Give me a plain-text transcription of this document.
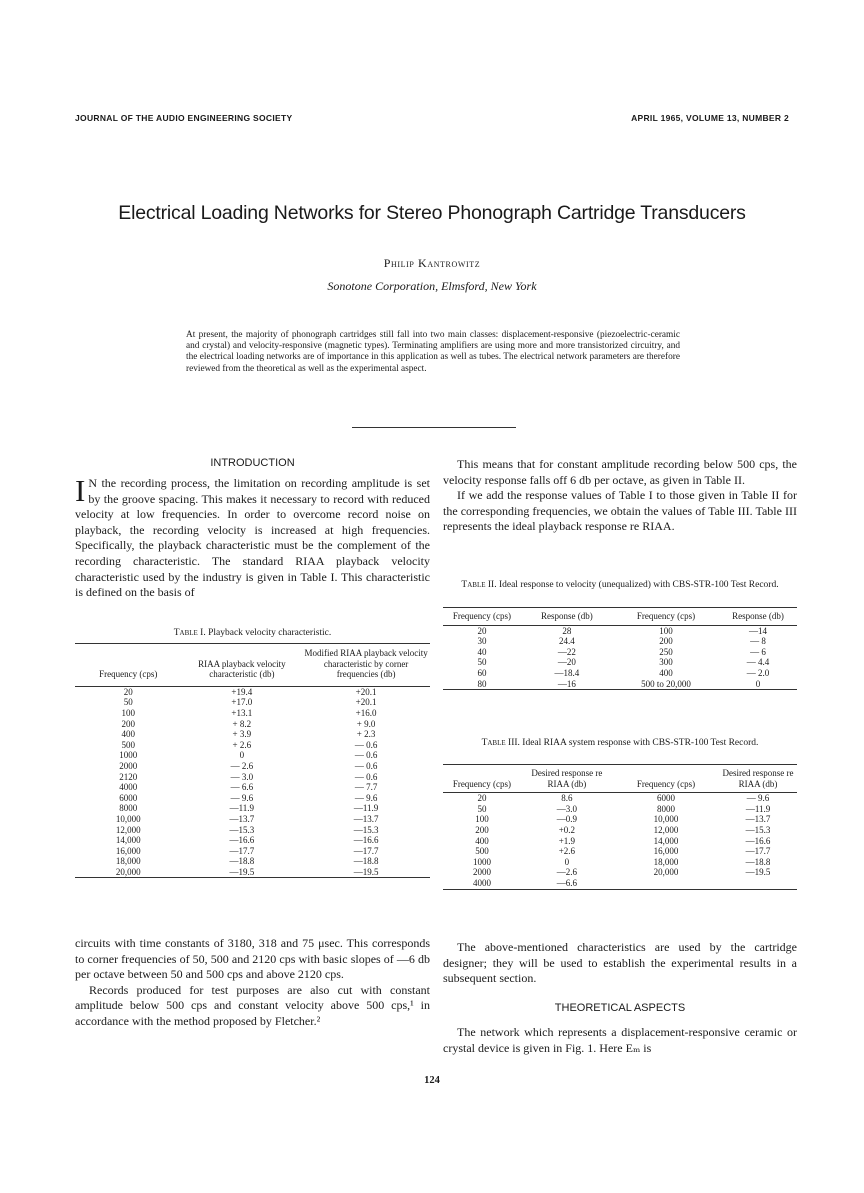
JOURNAL OF THE AUDIO ENGINEERING SOCIETY	APRIL 1965, VOLUME 13, NUMBER 2
Electrical Loading Networks for Stereo Phonograph Cartridge Transducers
Philip Kantrowitz
Sonotone Corporation, Elmsford, New York
At present, the majority of phonograph cartridges still fall into two main classes: displacement-responsive (piezoelectric-ceramic and crystal) and velocity-responsive (magnetic types). Terminating amplifiers are using more and more transistorized circuitry, and the electrical loading networks are of importance in this application as well as tubes. The electrical network parameters are therefore reviewed from the theoretical as well as the experimental aspect.
INTRODUCTION
I N the recording process, the limitation on recording amplitude is set by the groove spacing. This makes it necessary to record with reduced velocity at low frequencies. In order to overcome record noise on playback, the recording velocity is increased at high frequencies. Specifically, the playback characteristic must be the complement of the recording characteristic. The standard RIAA playback velocity characteristic used by the industry is given in Table I. This characteristic is defined on the basis of
Table I. Playback velocity characteristic.
Frequency (cps)	RIAA playback velocity characteristic (db)	Modified RIAA playback velocity characteristic by corner frequencies (db)
20	+19.4	+20.1
50	+17.0	+20.1
100	+13.1	+16.0
200	+ 8.2	+ 9.0
400	+ 3.9	+ 2.3
500	+ 2.6	— 0.6
1000	0	— 0.6
2000	— 2.6	— 0.6
2120	— 3.0	— 0.6
4000	— 6.6	— 7.7
6000	— 9.6	— 9.6
8000	—11.9	—11.9
10,000	—13.7	—13.7
12,000	—15.3	—15.3
14,000	—16.6	—16.6
16,000	—17.7	—17.7
18,000	—18.8	—18.8
20,000	—19.5	—19.5

circuits with time constants of 3180, 318 and 75 μsec. This corresponds to corner frequencies of 50, 500 and 2120 cps with basic slopes of —6 db per octave between 50 and 500 cps and above 2120 cps.

Records produced for test purposes are also cut with constant amplitude below 500 cps and constant velocity above 500 cps,¹ in accordance with the method proposed by Fletcher.²

This means that for constant amplitude recording below 500 cps, the velocity response falls off 6 db per octave, as given in Table II.

If we add the response values of Table I to those given in Table II for the corresponding frequencies, we obtain the values of Table III. Table III represents the ideal playback response re RIAA.

Table II. Ideal response to velocity (unequalized) with CBS-STR-100 Test Record.
Frequency (cps)	Response (db)	Frequency (cps)	Response (db)
20	28	100	—14
30	24.4	200	— 8
40	—22	250	— 6
50	—20	300	— 4.4
60	—18.4	400	— 2.0
80	—16	500 to 20,000	0
Table III. Ideal RIAA system response with CBS-STR-100 Test Record.
Frequency (cps)	Desired response re RIAA (db)	Frequency (cps)	Desired response re RIAA (db)
20	8.6	6000	— 9.6
50	—3.0	8000	—11.9
100	—0.9	10,000	—13.7
200	+0.2	12,000	—15.3
400	+1.9	14,000	—16.6
500	+2.6	16,000	—17.7
1000	0	18,000	—18.8
2000	—2.6	20,000	—19.5
4000	—6.6		

The above-mentioned characteristics are used by the cartridge designer; they will be used to establish the experimental results in a subsequent section.

THEORETICAL ASPECTS

The network which represents a displacement-responsive ceramic or crystal device is given in Fig. 1. Here Eₘ is

124
